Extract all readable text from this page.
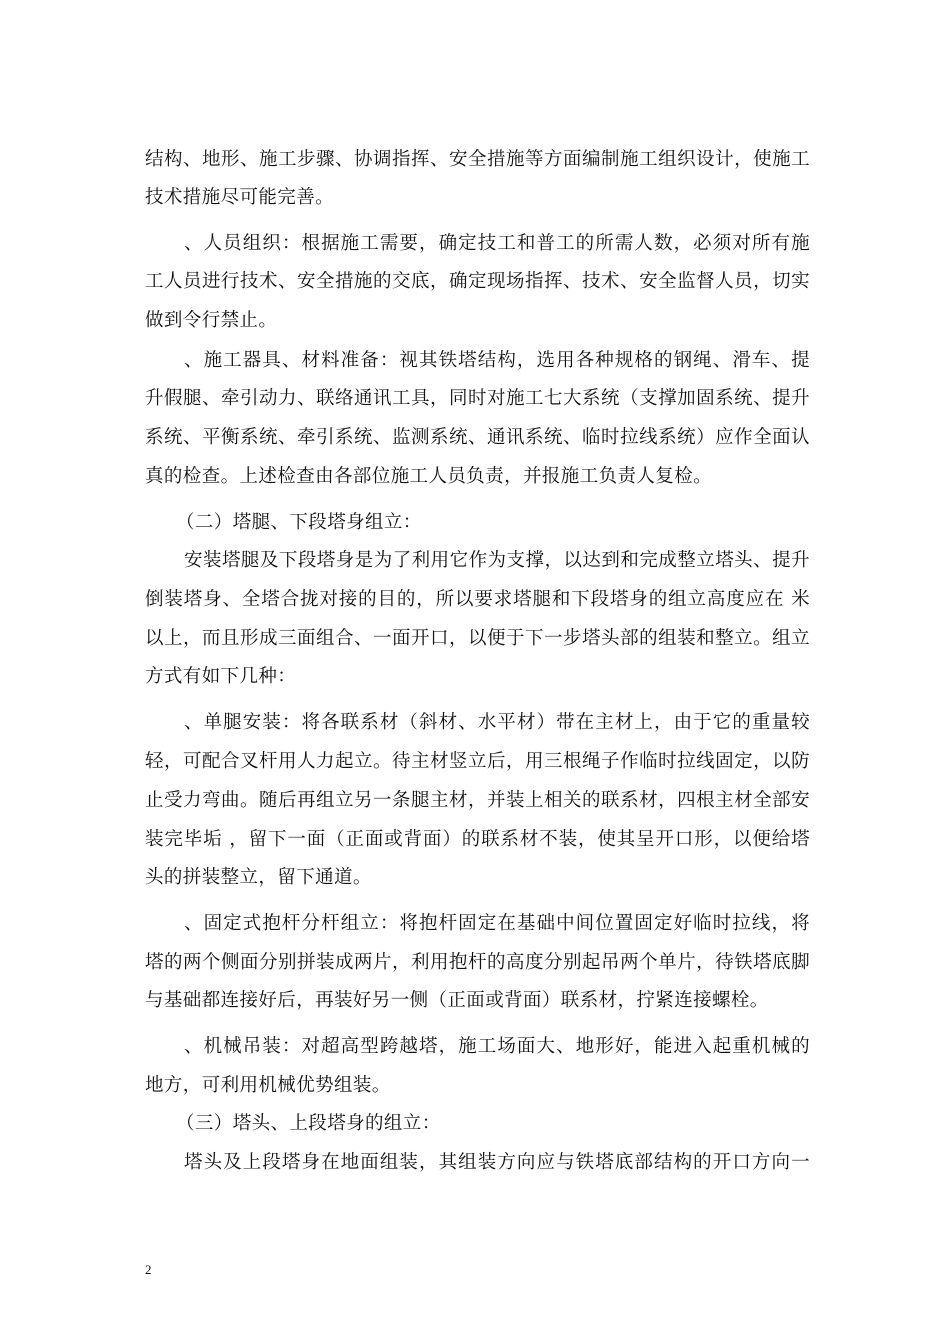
结构、地形、施工步骤、协调指挥、安全措施等方面编制施工组织设计，使施工
技术措施尽可能完善。
、人员组织：根据施工需要，确定技工和普工的所需人数，必须对所有施
工人员进行技术、安全措施的交底，确定现场指挥、技术、安全监督人员，切实
做到令行禁止。
、施工器具、材料准备：视其铁塔结构，选用各种规格的钢绳、滑车、提
升假腿、牵引动力、联络通讯工具，同时对施工七大系统（支撑加固系统、提升
系统、平衡系统、牵引系统、监测系统、通讯系统、临时拉线系统）应作全面认
真的检查。上述检查由各部位施工人员负责，并报施工负责人复检。
（二）塔腿、下段塔身组立：
安装塔腿及下段塔身是为了利用它作为支撑，以达到和完成整立塔头、提升
倒装塔身、全塔合拢对接的目的，所以要求塔腿和下段塔身的组立高度应在 米
以上，而且形成三面组合、一面开口，以便于下一步塔头部的组装和整立。组立
方式有如下几种：
、单腿安装：将各联系材（斜材、水平材）带在主材上，由于它的重量较
轻，可配合叉杆用人力起立。待主材竖立后，用三根绳子作临时拉线固定，以防
止受力弯曲。随后再组立另一条腿主材，并装上相关的联系材，四根主材全部安
装完毕垢 ，留下一面（正面或背面）的联系材不装，使其呈开口形，以便给塔
头的拼装整立，留下通道。
、固定式抱杆分杆组立：将抱杆固定在基础中间位置固定好临时拉线，将
塔的两个侧面分别拼装成两片，利用抱杆的高度分别起吊两个单片，待铁塔底脚
与基础都连接好后，再装好另一侧（正面或背面）联系材，拧紧连接螺栓。
、机械吊装：对超高型跨越塔，施工场面大、地形好，能进入起重机械的
地方，可利用机械优势组装。
（三）塔头、上段塔身的组立：
塔头及上段塔身在地面组装，其组装方向应与铁塔底部结构的开口方向一
2
